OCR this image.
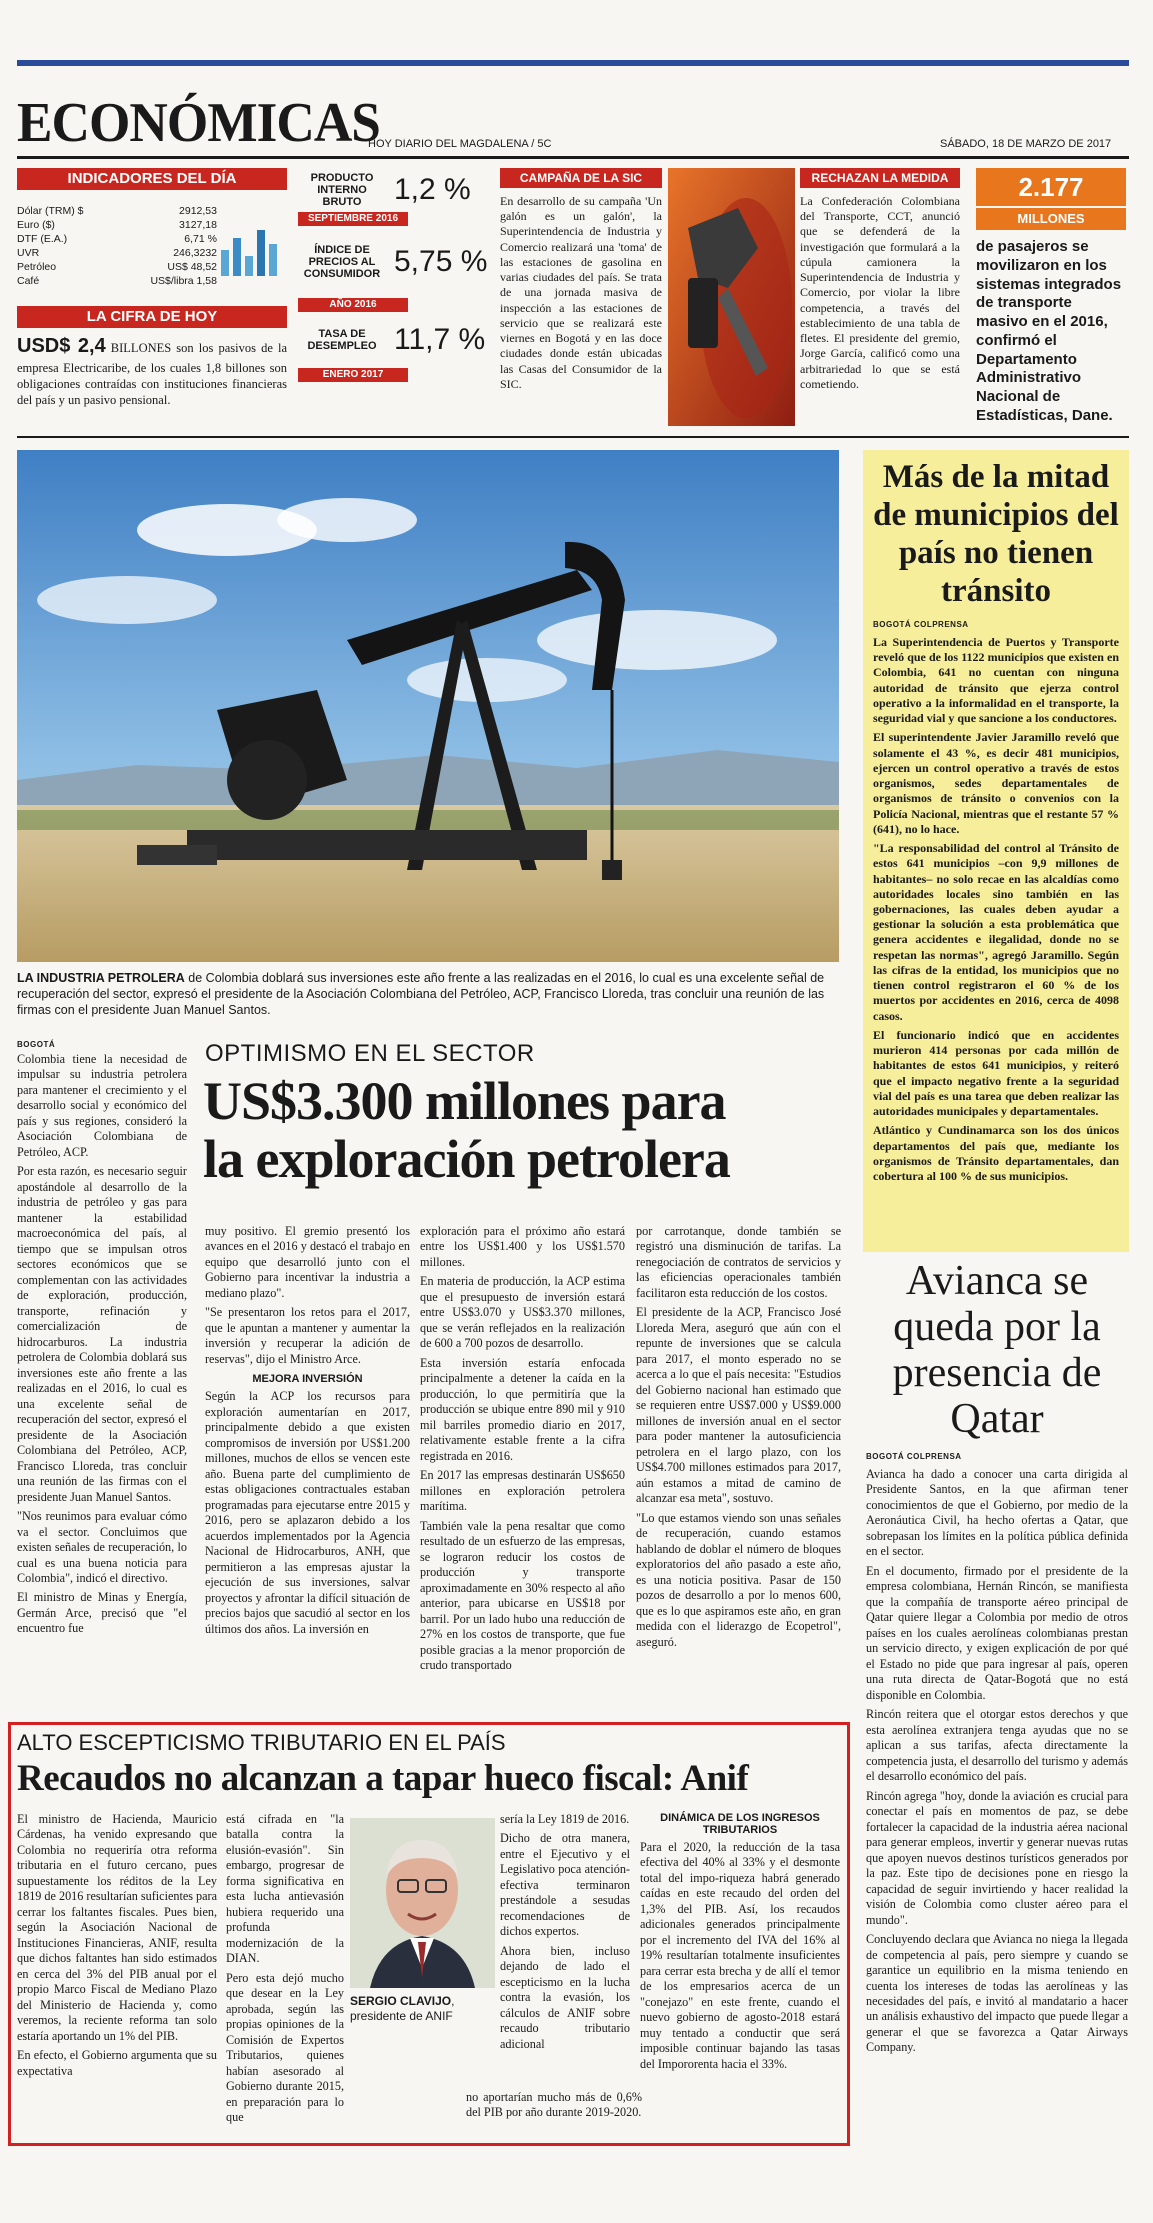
ECONÓMICAS
HOY DIARIO DEL MAGDALENA / 5C	SÁBADO, 18 DE MARZO DE 2017
INDICADORES DEL DÍA
Dólar (TRM) $	2912,53
Euro ($)	3127,18
DTF (E.A.)	6,71 %
UVR	246,3232
Petróleo	US$ 48,52
Café	US$/libra 1,58
LA CIFRA DE HOY
USD$ 2,4 BILLONES son los pasivos de la empresa Electricaribe, de los cuales 1,8 billones son obligaciones contraídas con instituciones financieras del país y un pasivo pensional.
PRODUCTO INTERNO BRUTO	1,2 %
SEPTIEMBRE 2016
ÍNDICE DE PRECIOS AL CONSUMIDOR 5,75 %
AÑO 2016
TASA DE DESEMPLEO 11,7 %
ENERO 2017
CAMPAÑA DE LA SIC
En desarrollo de su campaña 'Un galón es un galón', la Superintendencia de Industria y Comercio realizará una 'toma' de las estaciones de gasolina en varias ciudades del país. Se trata de una jornada masiva de inspección a las estaciones de servicio que se realizará este viernes en Bogotá y en las doce ciudades donde están ubicadas las Casas del Consumidor de la SIC.
RECHAZAN LA MEDIDA
La Confederación Colombiana del Transporte, CCT, anunció que se defenderá de la investigación que formulará a la cúpula camionera la Superintendencia de Industria y Comercio, por violar la libre competencia, a través del establecimiento de una tabla de fletes. El presidente del gremio, Jorge García, calificó como una arbitrariedad lo que se está cometiendo.
2.177
MILLONES
de pasajeros se movilizaron en los sistemas integrados de transporte masivo en el 2016, confirmó el Departamento Administrativo Nacional de Estadísticas, Dane.
LA INDUSTRIA PETROLERA de Colombia doblará sus inversiones este año frente a las realizadas en el 2016, lo cual es una excelente señal de recuperación del sector, expresó el presidente de la Asociación Colombiana del Petróleo, ACP, Francisco Lloreda, tras concluir una reunión de las firmas con el presidente Juan Manuel Santos.
BOGOTÁ
Colombia tiene la necesidad de impulsar su industria petrolera para mantener el crecimiento y el desarrollo social y económico del país y sus regiones, consideró la Asociación Colombiana de Petróleo, ACP.
Por esta razón, es necesario seguir apostándole al desarrollo de la industria de petróleo y gas para mantener la estabilidad macroeconómica del país, al tiempo que se impulsan otros sectores económicos que se complementan con las actividades de exploración, producción, transporte, refinación y comercialización de hidrocarburos. La industria petrolera de Colombia doblará sus inversiones este año frente a las realizadas en el 2016, lo cual es una excelente señal de recuperación del sector, expresó el presidente de la Asociación Colombiana del Petróleo, ACP, Francisco Lloreda, tras concluir una reunión de las firmas con el presidente Juan Manuel Santos.
"Nos reunimos para evaluar cómo va el sector. Concluimos que existen señales de recuperación, lo cual es una buena noticia para Colombia", indicó el directivo.
El ministro de Minas y Energía, Germán Arce, precisó que "el encuentro fue
OPTIMISMO EN EL SECTOR
US$3.300 millones para
la exploración petrolera
muy positivo. El gremio presentó los avances en el 2016 y destacó el trabajo en equipo que desarrolló junto con el Gobierno para incentivar la industria a mediano plazo".
"Se presentaron los retos para el 2017, que le apuntan a mantener y aumentar la inversión y recuperar la adición de reservas", dijo el Ministro Arce.
MEJORA INVERSIÓN
Según la ACP los recursos para exploración aumentarían en 2017, principalmente debido a que existen compromisos de inversión por US$1.200 millones, muchos de ellos se vencen este año. Buena parte del cumplimiento de estas obligaciones contractuales estaban programadas para ejecutarse entre 2015 y 2016, pero se aplazaron debido a los acuerdos implementados por la Agencia Nacional de Hidrocarburos, ANH, que permitieron a las empresas ajustar la ejecución de sus inversiones, salvar proyectos y afrontar la difícil situación de precios bajos que sacudió al sector en los últimos dos años. La inversión en
exploración para el próximo año estará entre los US$1.400 y los US$1.570 millones.
En materia de producción, la ACP estima que el presupuesto de inversión estará entre US$3.070 y US$3.370 millones, que se verán reflejados en la realización de 600 a 700 pozos de desarrollo.
Esta inversión estaría enfocada principalmente a detener la caída en la producción, lo que permitiría que la producción se ubique entre 890 mil y 910 mil barriles promedio diario en 2017, relativamente estable frente a la cifra registrada en 2016.
En 2017 las empresas destinarán US$650 millones en exploración petrolera marítima.
También vale la pena resaltar que como resultado de un esfuerzo de las empresas, se lograron reducir los costos de producción y transporte aproximadamente en 30% respecto al año anterior, para ubicarse en US$18 por barril. Por un lado hubo una reducción de 27% en los costos de transporte, que fue posible gracias a la menor proporción de crudo transportado
por carrotanque, donde también se registró una disminución de tarifas. La renegociación de contratos de servicios y las eficiencias operacionales también facilitaron esta reducción de los costos.
El presidente de la ACP, Francisco José Lloreda Mera, aseguró que aún con el repunte de inversiones que se calcula para 2017, el monto esperado no se acerca a lo que el país necesita: "Estudios del Gobierno nacional han estimado que se requieren entre US$7.000 y US$9.000 millones de inversión anual en el sector para poder mantener la autosuficiencia petrolera en el largo plazo, con los US$4.700 millones estimados para 2017, aún estamos a mitad de camino de alcanzar esa meta", sostuvo.
"Lo que estamos viendo son unas señales de recuperación, cuando estamos hablando de doblar el número de bloques exploratorios del año pasado a este año, es una noticia positiva. Pasar de 150 pozos de desarrollo a por lo menos 600, que es lo que aspiramos este año, en gran medida con el liderazgo de Ecopetrol", aseguró.
Más de la mitad de municipios del país no tienen tránsito
BOGOTÁ COLPRENSA
La Superintendencia de Puertos y Transporte reveló que de los 1122 municipios que existen en Colombia, 641 no cuentan con ninguna autoridad de tránsito que ejerza control operativo a la informalidad en el transporte, la seguridad vial y que sancione a los conductores.
El superintendente Javier Jaramillo reveló que solamente el 43 %, es decir 481 municipios, ejercen un control operativo a través de estos organismos, sedes departamentales de organismos de tránsito o convenios con la Policía Nacional, mientras que el restante 57 % (641), no lo hace.
"La responsabilidad del control al Tránsito de estos 641 municipios –con 9,9 millones de habitantes– no solo recae en las alcaldías como autoridades locales sino también en las gobernaciones, las cuales deben ayudar a gestionar la solución a esta problemática que genera accidentes e ilegalidad, donde no se respetan las normas", agregó Jaramillo. Según las cifras de la entidad, los municipios que no tienen control registraron el 60 % de los muertos por accidentes en 2016, cerca de 4098 casos.
El funcionario indicó que en accidentes murieron 414 personas por cada millón de habitantes de estos 641 municipios, y reiteró que el impacto negativo frente a la seguridad vial del país es una tarea que deben realizar las autoridades municipales y departamentales.
Atlántico y Cundinamarca son los dos únicos departamentos del país que, mediante los organismos de Tránsito departamentales, dan cobertura al 100 % de sus municipios.
Avianca se queda por la presencia de Qatar
BOGOTÁ COLPRENSA
Avianca ha dado a conocer una carta dirigida al Presidente Santos, en la que afirman tener conocimientos de que el Gobierno, por medio de la Aeronáutica Civil, ha hecho ofertas a Qatar, que sobrepasan los límites en la política pública definida en el sector.
En el documento, firmado por el presidente de la empresa colombiana, Hernán Rincón, se manifiesta que la compañía de transporte aéreo principal de Qatar quiere llegar a Colombia por medio de otros países en los cuales aerolíneas colombianas prestan un servicio directo, y exigen explicación de por qué el Estado no pide que para ingresar al país, operen una ruta directa de Qatar-Bogotá que no está disponible en Colombia.
Rincón reitera que el otorgar estos derechos y que esta aerolínea extranjera tenga ayudas que no se aplican a sus tarifas, afecta directamente la competencia justa, el desarrollo del turismo y además el desarrollo económico del país.
Rincón agrega "hoy, donde la aviación es crucial para conectar el país en momentos de paz, se debe fortalecer la capacidad de la industria aérea nacional para generar empleos, invertir y generar nuevas rutas que apoyen nuevos destinos turísticos generados por la paz. Este tipo de decisiones pone en riesgo la capacidad de seguir invirtiendo y hacer realidad la visión de Colombia como cluster aéreo para el mundo".
Concluyendo declara que Avianca no niega la llegada de competencia al país, pero siempre y cuando se garantice un equilibrio en la misma teniendo en cuenta los intereses de todas las aerolíneas y las necesidades del país, e invitó al mandatario a hacer un análisis exhaustivo del impacto que puede llegar a generar el que se favorezca a Qatar Airways Company.
ALTO ESCEPTICISMO TRIBUTARIO EN EL PAÍS
Recaudos no alcanzan a tapar hueco fiscal: Anif
El ministro de Hacienda, Mauricio Cárdenas, ha venido expresando que Colombia no requeriría otra reforma tributaria en el futuro cercano, pues supuestamente los réditos de la Ley 1819 de 2016 resultarían suficientes para cerrar los faltantes fiscales. Pues bien, según la Asociación Nacional de Instituciones Financieras, ANIF, resulta que dichos faltantes han sido estimados en cerca del 3% del PIB anual por el propio Marco Fiscal de Mediano Plazo del Ministerio de Hacienda y, como veremos, la reciente reforma tan solo estaría aportando un 1% del PIB.
En efecto, el Gobierno argumenta que su expectativa
está cifrada en "la batalla contra la elusión-evasión". Sin embargo, progresar de forma significativa en esta lucha antievasión hubiera requerido una profunda modernización de la DIAN.
Pero esta dejó mucho que desear en la Ley aprobada, según las propias opiniones de la Comisión de Expertos Tributarios, quienes habían asesorado al Gobierno durante 2015, en preparación para lo que
SERGIO CLAVIJO, presidente de ANIF
sería la Ley 1819 de 2016.
Dicho de otra manera, entre el Ejecutivo y el Legislativo poca atención-efectiva terminaron prestándole a sesudas recomendaciones de dichos expertos.
Ahora bien, incluso dejando de lado el escepticismo en la lucha contra la evasión, los cálculos de ANIF sobre recaudo tributario adicional
no aportarían mucho más de 0,6% del PIB por año durante 2019-2020.
DINÁMICA DE LOS INGRESOS TRIBUTARIOS
Para el 2020, la reducción de la tasa efectiva del 40% al 33% y el desmonte total del impo-riqueza habrá generado caídas en este recaudo del orden del 1,3% del PIB. Así, los recaudos adicionales generados principalmente por el incremento del IVA del 16% al 19% resultarían totalmente insuficientes para cerrar esta brecha y de allí el temor de los empresarios acerca de un "conejazo" en este frente, cuando el nuevo gobierno de agosto-2018 estará muy tentado a conductir que será imposible continuar bajando las tasas del Impororenta hacia el 33%.
